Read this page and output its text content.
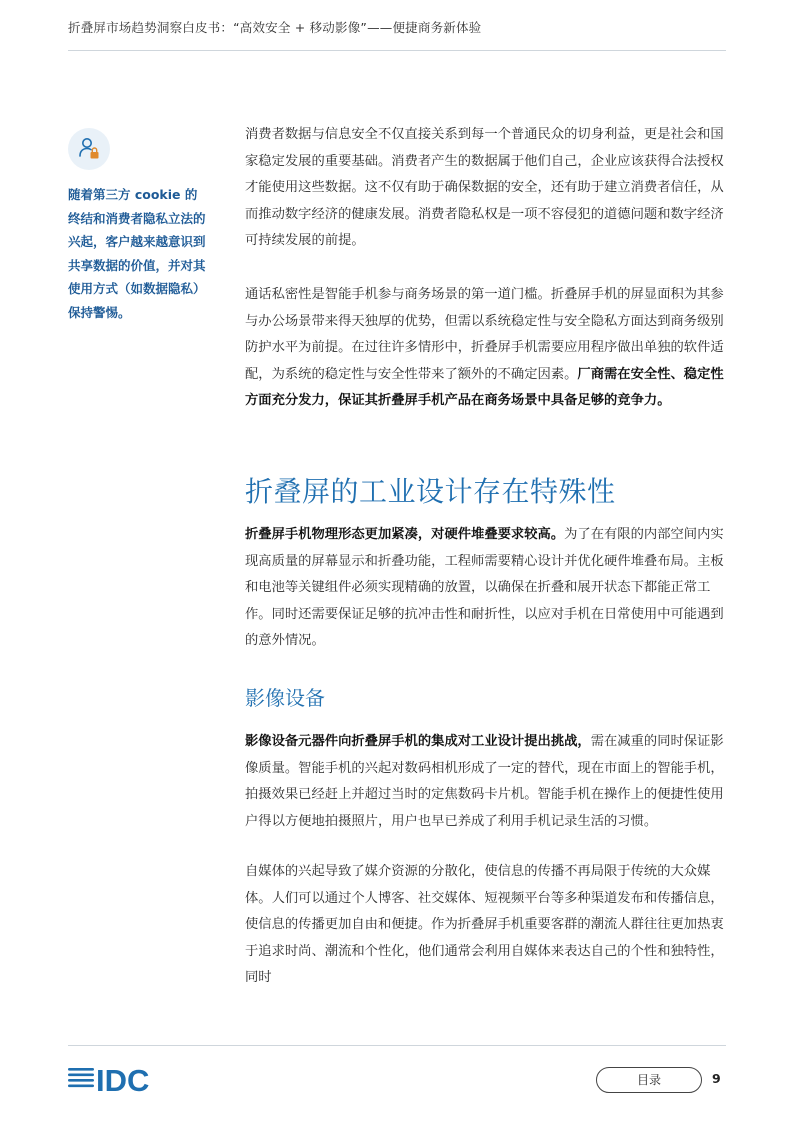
折叠屏市场趋势洞察白皮书：“高效安全 + 移动影像”——便捷商务新体验
随着第三方 cookie 的终结和消费者隐私立法的兴起，客户越来越意识到共享数据的价值，并对其使用方式（如数据隐私）保持警惕。

消费者数据与信息安全不仅直接关系到每一个普通民众的切身利益，更是社会和国家稳定发展的重要基础。消费者产生的数据属于他们自己，企业应该获得合法授权才能使用这些数据。这不仅有助于确保数据的安全，还有助于建立消费者信任，从而推动数字经济的健康发展。消费者隐私权是一项不容侵犯的道德问题和数字经济可持续发展的前提。

通话私密性是智能手机参与商务场景的第一道门槛。折叠屏手机的屏显面积为其参与办公场景带来得天独厚的优势，但需以系统稳定性与安全隐私方面达到商务级别防护水平为前提。在过往许多情形中，折叠屏手机需要应用程序做出单独的软件适配，为系统的稳定性与安全性带来了额外的不确定因素。厂商需在安全性、稳定性方面充分发力，保证其折叠屏手机产品在商务场景中具备足够的竞争力。

折叠屏的工业设计存在特殊性

折叠屏手机物理形态更加紧凑，对硬件堆叠要求较高。为了在有限的内部空间内实现高质量的屏幕显示和折叠功能，工程师需要精心设计并优化硬件堆叠布局。主板和电池等关键组件必须实现精确的放置，以确保在折叠和展开状态下都能正常工作。同时还需要保证足够的抗冲击性和耐折性，以应对手机在日常使用中可能遇到的意外情况。

影像设备

影像设备元器件向折叠屏手机的集成对工业设计提出挑战，需在减重的同时保证影像质量。智能手机的兴起对数码相机形成了一定的替代，现在市面上的智能手机，拍摄效果已经赶上并超过当时的定焦数码卡片机。智能手机在操作上的便捷性使用户得以方便地拍摄照片，用户也早已养成了利用手机记录生活的习惯。

自媒体的兴起导致了媒介资源的分散化，使信息的传播不再局限于传统的大众媒体。人们可以通过个人博客、社交媒体、短视频平台等多种渠道发布和传播信息，使信息的传播更加自由和便捷。作为折叠屏手机重要客群的潮流人群往往更加热衷于追求时尚、潮流和个性化，他们通常会利用自媒体来表达自己的个性和独特性，同时

IDC	目录	9
